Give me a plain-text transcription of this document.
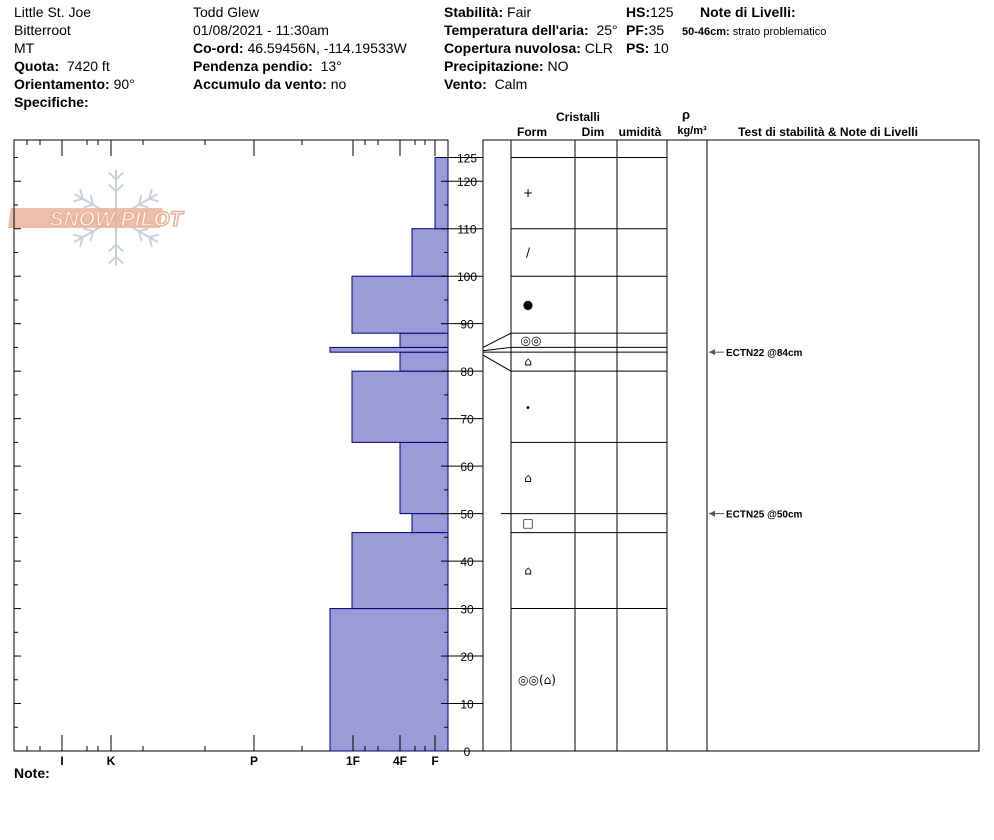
Little St. Joe
Bitterroot
MT
Quota: 7420 ft
Orientamento: 90°
Specifiche:
Todd Glew
01/08/2021 - 11:30am
Co-ord: 46.59456N, -114.19533W
Pendenza pendio: 13°
Accumulo da vento: no
Stabilità: Fair
Temperatura dell'aria: 25°
Copertura nuvolosa: CLR
Precipitazione: NO
Vento: Calm
HS:125
PF:35
PS: 10
Note di Livelli:
50-46cm: strato problematico
SNOW PILOT
0
10
20
30
40
50
60
70
80
90
100
110
120
125
I	K	P	1F	4F F
Cristalli
Form	Dim umidità
ρ
kg/m³	Test di stabilità & Note di Livelli
◎◎(⌂)
⌂
□
⌂
•
⌂
◎◎
●
/
+
ECTN22 @84cm
ECTN25 @50cm
Note:
